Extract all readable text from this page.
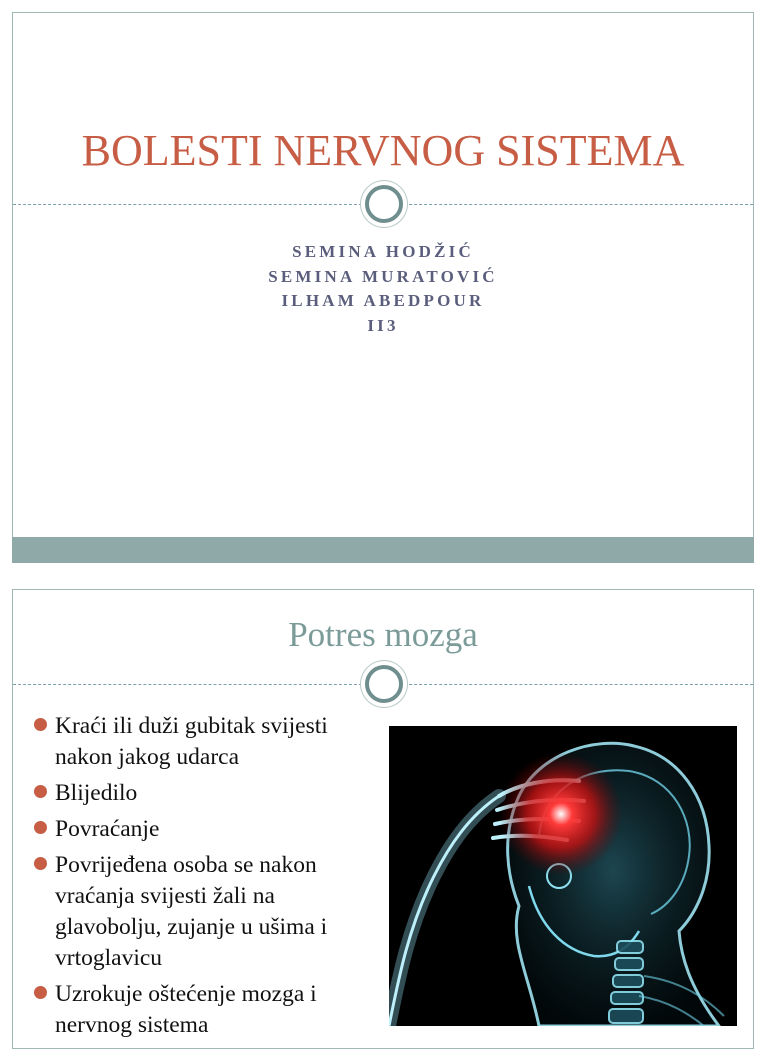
BOLESTI NERVNOG SISTEMA
SEMINA HODŽIĆ
SEMINA MURATOVIĆ
ILHAM ABEDPOUR
II3
Potres mozga
Kraći ili duži gubitak svijesti nakon jakog udarca
Blijedilo
Povraćanje
Povrijeđena osoba se nakon vraćanja svijesti žali na glavobolju, zujanje u ušima i vrtoglavicu
Uzrokuje oštećenje mozga i nervnog sistema
